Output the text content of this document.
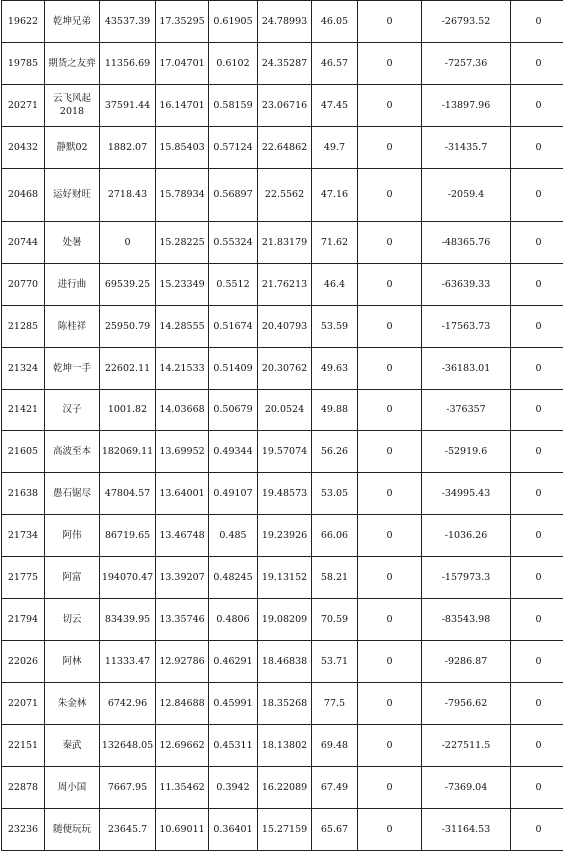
19622	乾坤兄弟	43537.39	17.35295	0.61905	24.78993	46.05	0	-26793.52	0	
19785	期货之友弈	11356.69	17.04701	0.6102	24.35287	46.57	0	-7257.36	0	
20271	云飞风起2018	37591.44	16.14701	0.58159	23.06716	47.45	0	-13897.96	0	
20432	静默02	1882.07	15.85403	0.57124	22.64862	49.7	0	-31435.7	0	
20468	运好财旺	2718.43	15.78934	0.56897	22.5562	47.16	0	-2059.4	0	
20744	处暑	0	15.28225	0.55324	21.83179	71.62	0	-48365.76	0	
20770	进行曲	69539.25	15.23349	0.5512	21.76213	46.4	0	-63639.33	0	
21285	陈桂祥	25950.79	14.28555	0.51674	20.40793	53.59	0	-17563.73	0	
21324	乾坤一手	22602.11	14.21533	0.51409	20.30762	49.63	0	-36183.01	0	
21421	汉子	1001.82	14.03668	0.50679	20.0524	49.88	0	-376357	0	
21605	高波至本	182069.11	13.69952	0.49344	19.57074	56.26	0	-52919.6	0	
21638	愚石锯尽	47804.57	13.64001	0.49107	19.48573	53.05	0	-34995.43	0	
21734	阿伟	86719.65	13.46748	0.485	19.23926	66.06	0	-1036.26	0	
21775	阿富	194070.47	13.39207	0.48245	19.13152	58.21	0	-157973.3	0	
21794	切云	83439.95	13.35746	0.4806	19.08209	70.59	0	-83543.98	0	
22026	阿林	11333.47	12.92786	0.46291	18.46838	53.71	0	-9286.87	0	
22071	朱金林	6742.96	12.84688	0.45991	18.35268	77.5	0	-7956.62	0	
22151	秦武	132648.05	12.69662	0.45311	18.13802	69.48	0	-227511.5	0	
22878	周小国	7667.95	11.35462	0.3942	16.22089	67.49	0	-7369.04	0	
23236	随便玩玩	23645.7	10.69011	0.36401	15.27159	65.67	0	-31164.53	0	
